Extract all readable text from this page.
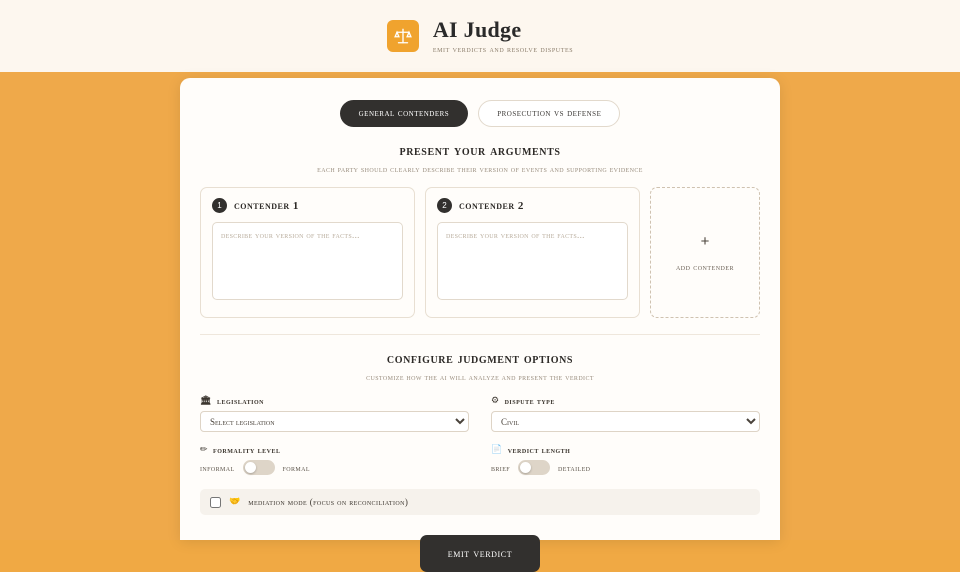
AI Judge
emit verdicts and resolve disputes
general contenders	prosecution vs defense
present your arguments
each party should clearly describe their version of events and supporting evidence
1	contender 1
Describe your version of the facts...	2	contender 2
Describe your version of the facts...
+
add contender
configure judgment options
customize how the ai will analyze and present the verdict
🏛 legislation
Select legislation	⚙ dispute type
Civil
✏ formality level
informal	formal
📄 verdict length
brief	detailed
🤝 mediation mode (focus on reconciliation)
emit verdict
